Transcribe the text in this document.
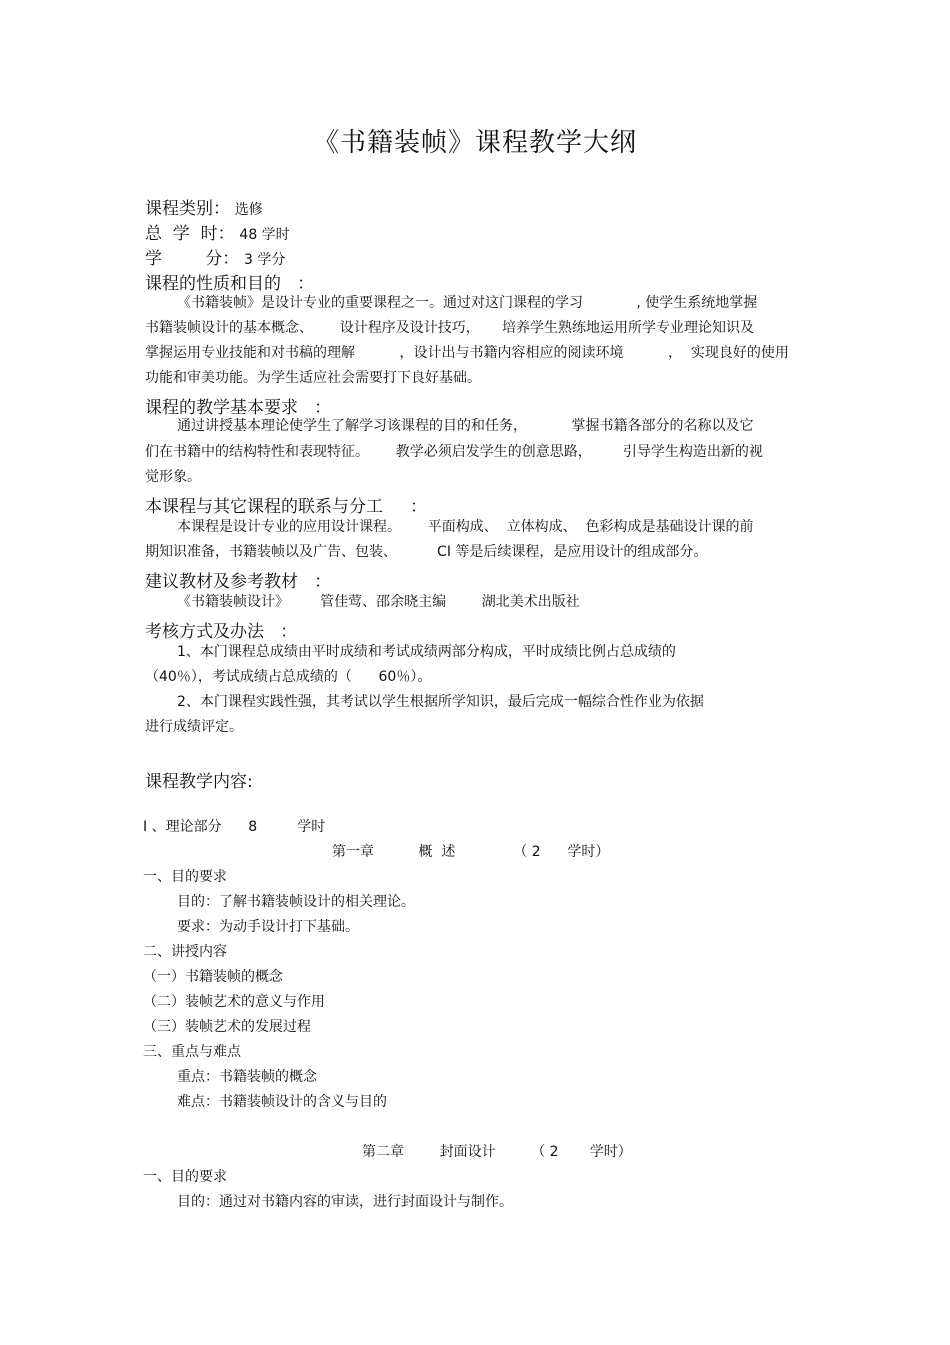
《书籍装帧》课程教学大纲
课程类别： 选修
总  学  时： 48 学时
学        分： 3 学分
课程的性质和目的   ：
《书籍装帧》是设计专业的重要课程之一。通过对这门课程的学习            , 使学生系统地掌握
书籍装帧设计的基本概念、      设计程序及设计技巧，     培养学生熟练地运用所学专业理论知识及
掌握运用专业技能和对书稿的理解          ，设计出与书籍内容相应的阅读环境          ，  实现良好的使用
功能和审美功能。为学生适应社会需要打下良好基础。
课程的教学基本要求   ：
通过讲授基本理论使学生了解学习该课程的目的和任务，          掌握书籍各部分的名称以及它
们在书籍中的结构特性和表现特征。      教学必须启发学生的创意思路，       引导学生构造出新的视
觉形象。
本课程与其它课程的联系与分工     ：
本课程是设计专业的应用设计课程。      平面构成、  立体构成、  色彩构成是基础设计课的前
期知识准备，书籍装帧以及广告、包装、         CI 等是后续课程，是应用设计的组成部分。
建议教材及参考教材   ：
《书籍装帧设计》       管佳莺、邵余晓主编        湖北美术出版社
考核方式及办法   ：
1、本门课程总成绩由平时成绩和考试成绩两部分构成，平时成绩比例占总成绩的
（40％），考试成绩占总成绩的（      60％）。
2、本门课程实践性强，其考试以学生根据所学知识，最后完成一幅综合性作业为依据
进行成绩评定。
课程教学内容:
I 、理论部分      8         学时
第一章          概  述             （ 2      学时）
一、目的要求
目的：了解书籍装帧设计的相关理论。
要求：为动手设计打下基础。
二、讲授内容
（一）书籍装帧的概念
（二）装帧艺术的意义与作用
（三）装帧艺术的发展过程
三、重点与难点
重点：书籍装帧的概念
难点：书籍装帧设计的含义与目的
第二章        封面设计        （ 2       学时）
一、目的要求
目的：通过对书籍内容的审读，进行封面设计与制作。
